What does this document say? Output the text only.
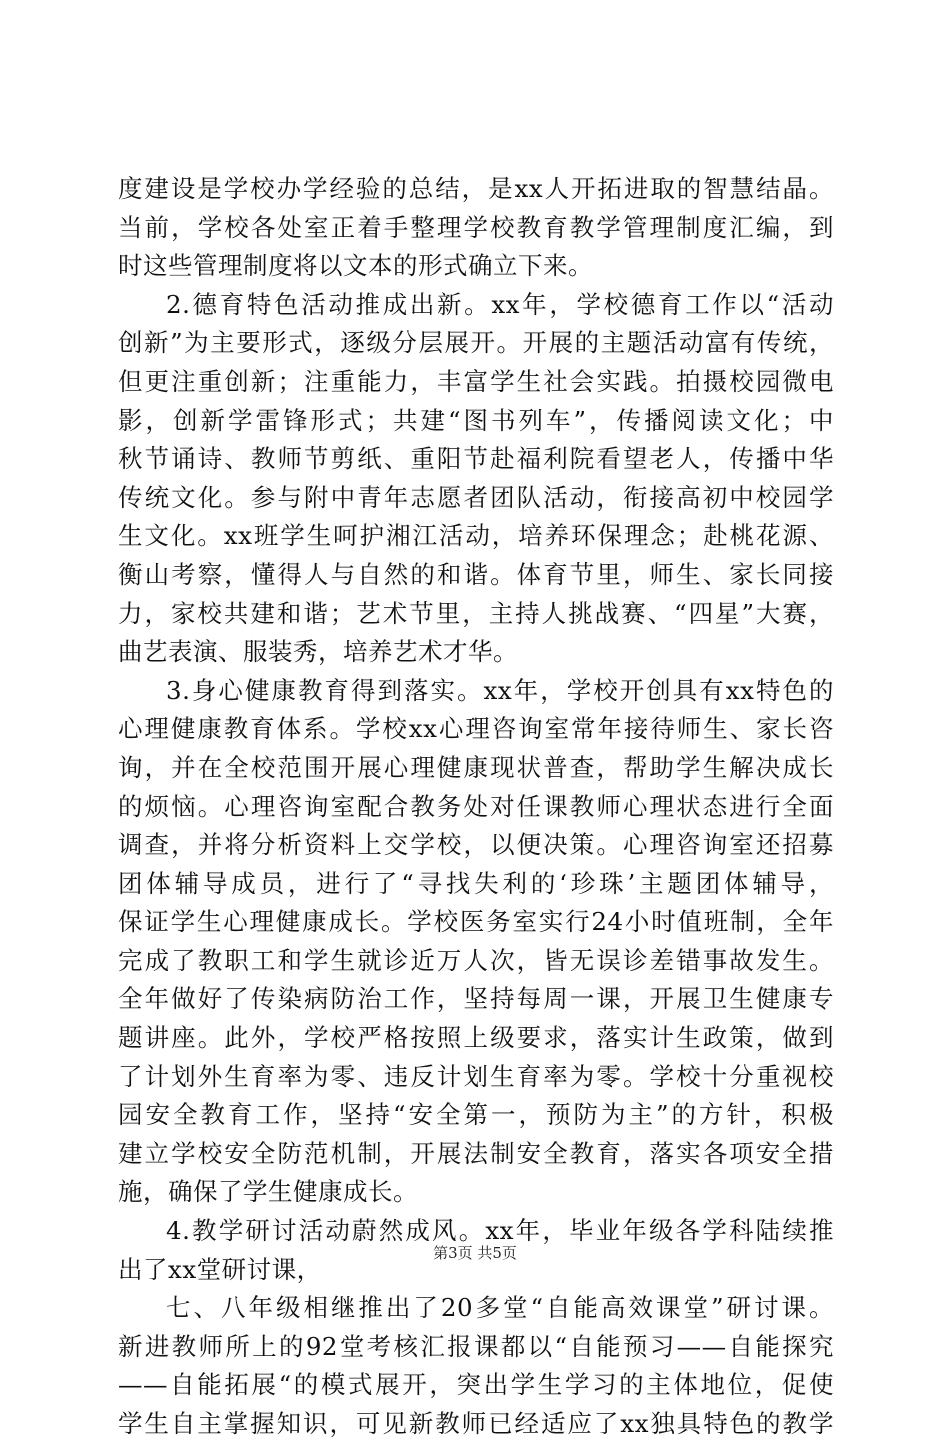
度建设是学校办学经验的总结，是xx人开拓进取的智慧结晶。
当前，学校各处室正着手整理学校教育教学管理制度汇编，到
时这些管理制度将以文本的形式确立下来。
2.德育特色活动推成出新。xx年，学校德育工作以“活动
创新”为主要形式，逐级分层展开。开展的主题活动富有传统，
但更注重创新；注重能力，丰富学生社会实践。拍摄校园微电
影，创新学雷锋形式；共建“图书列车”，传播阅读文化；中
秋节诵诗、教师节剪纸、重阳节赴福利院看望老人，传播中华
传统文化。参与附中青年志愿者团队活动，衔接高初中校园学
生文化。xx班学生呵护湘江活动，培养环保理念；赴桃花源、
衡山考察，懂得人与自然的和谐。体育节里，师生、家长同接
力，家校共建和谐；艺术节里，主持人挑战赛、“四星”大赛，
曲艺表演、服装秀，培养艺术才华。
3.身心健康教育得到落实。xx年，学校开创具有xx特色的
心理健康教育体系。学校xx心理咨询室常年接待师生、家长咨
询，并在全校范围开展心理健康现状普查，帮助学生解决成长
的烦恼。心理咨询室配合教务处对任课教师心理状态进行全面
调查，并将分析资料上交学校，以便决策。心理咨询室还招募
团体辅导成员，进行了“寻找失利的‘珍珠’主题团体辅导，
保证学生心理健康成长。学校医务室实行24小时值班制，全年
完成了教职工和学生就诊近万人次，皆无误诊差错事故发生。
全年做好了传染病防治工作，坚持每周一课，开展卫生健康专
题讲座。此外，学校严格按照上级要求，落实计生政策，做到
了计划外生育率为零、违反计划生育率为零。学校十分重视校
园安全教育工作，坚持“安全第一，预防为主”的方针，积极
建立学校安全防范机制，开展法制安全教育，落实各项安全措
施，确保了学生健康成长。
4.教学研讨活动蔚然成风。xx年，毕业年级各学科陆续推
出了xx堂研讨课，
七、八年级相继推出了20多堂“自能高效课堂”研讨课。
新进教师所上的92堂考核汇报课都以“自能预习——自能探究
——自能拓展“的模式展开，突出学生学习的主体地位，促使
学生自主掌握知识，可见新教师已经适应了xx独具特色的教学
第3页 共5页
